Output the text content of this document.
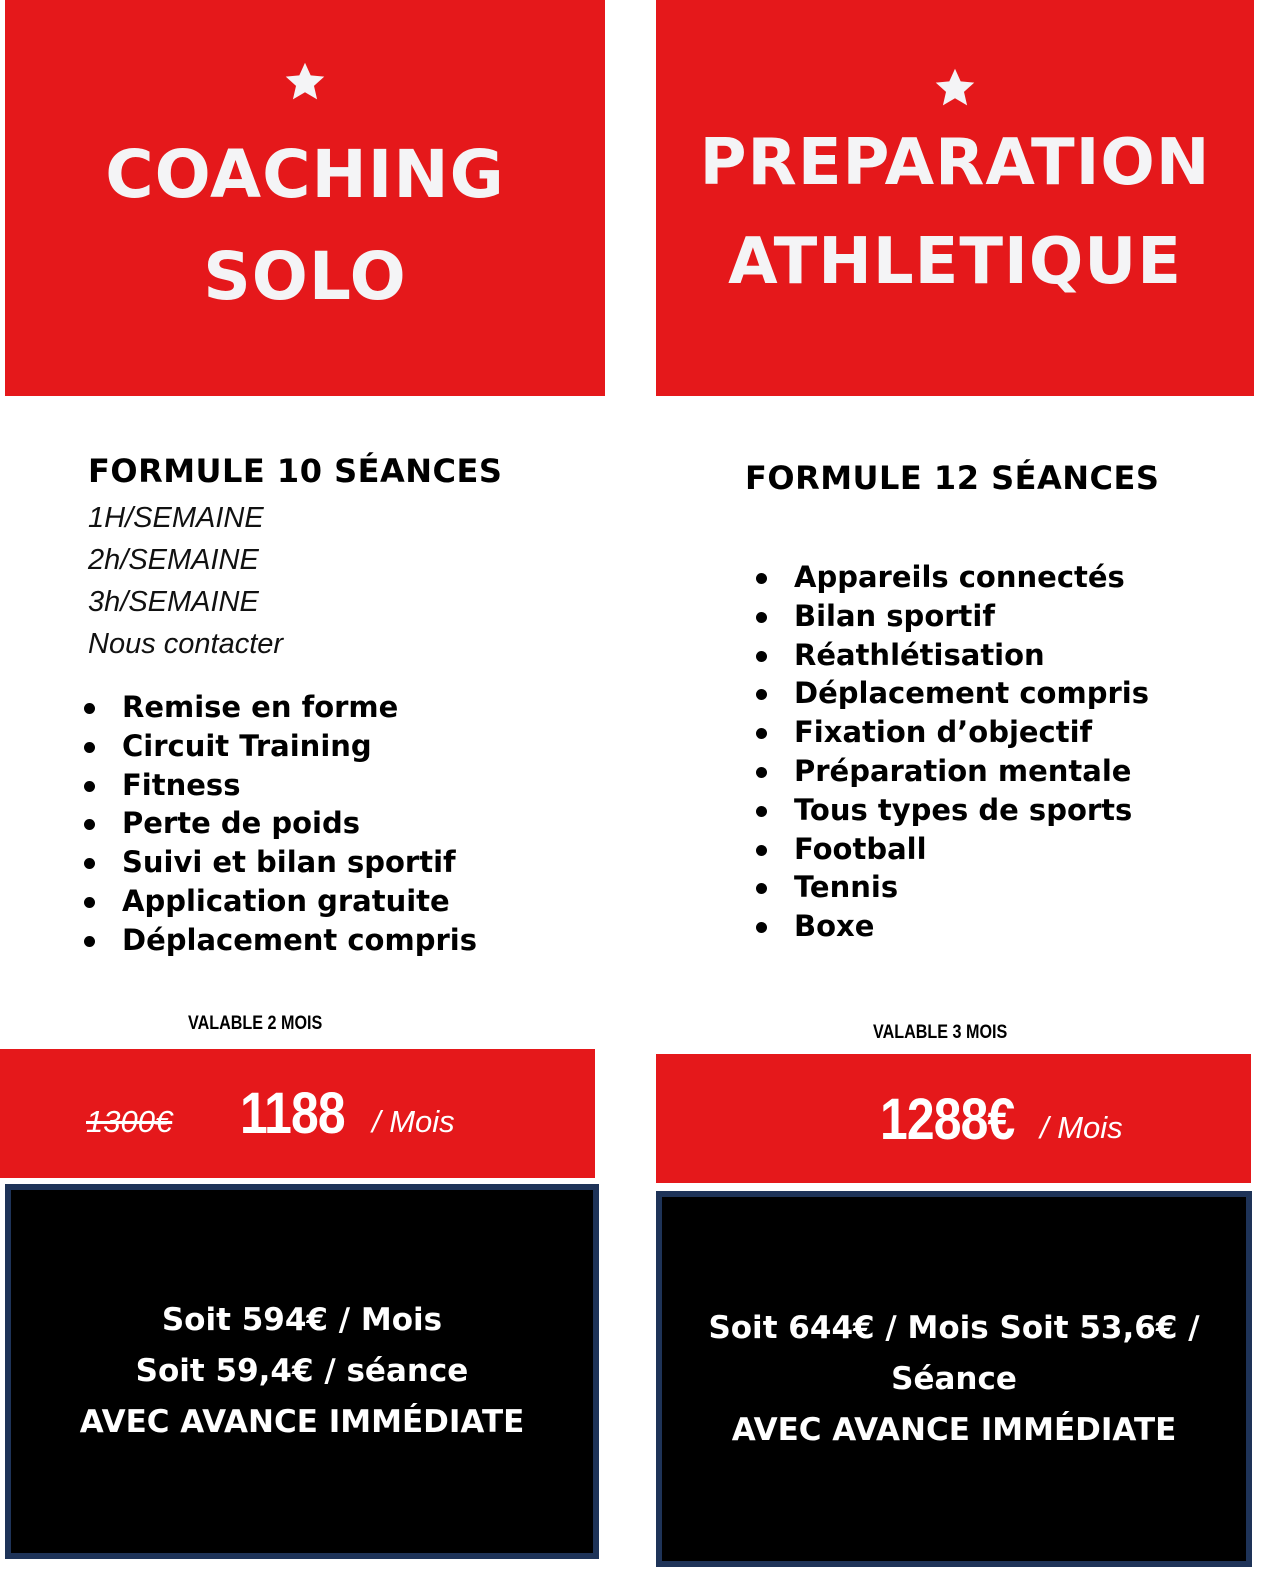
COACHING
SOLO
FORMULE 10 SÉANCES
1H/SEMAINE
2h/SEMAINE
3h/SEMAINE
Nous contacter
Remise en forme
Circuit Training
Fitness
Perte de poids
Suivi et bilan sportif
Application gratuite
Déplacement compris
VALABLE 2 MOIS
1300€ 1188 / Mois
Soit 594€ / Mois
Soit 59,4€ / séance
AVEC AVANCE IMMÉDIATE
PREPARATION
ATHLETIQUE
FORMULE 12 SÉANCES
Appareils connectés
Bilan sportif
Réathlétisation
Déplacement compris
Fixation d’objectif
Préparation mentale
Tous types de sports
Football
Tennis
Boxe
VALABLE 3 MOIS
1288€ / Mois
Soit 644€ / Mois Soit 53,6€ /
Séance
AVEC AVANCE IMMÉDIATE
